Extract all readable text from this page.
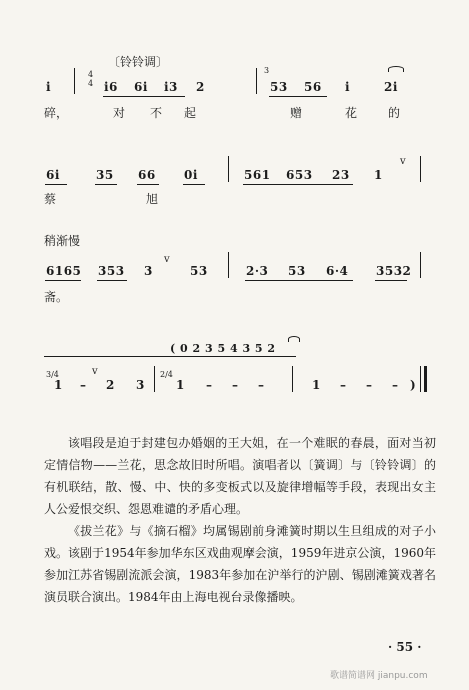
〔铃铃调〕
i
4
4 i6 6i i3 2
3
53 56 i	2i
碎，	对 不 起	赠	花	的
6i	35 66 0i	561 653 23 1
v
蔡	旭
稍渐慢
6165 353 3
v
53	2·3 53 6·4 3532
斋。
( 0 2 3 5 4 3 5 2
3/4
1 –
v
2 3
2/4
1 – – –	1 – – – )

该唱段是迫于封建包办婚姻的王大姐，在一个难眠的春晨，面对当初定情信物——兰花，思念故旧时所唱。演唱者以〔簧调〕与〔铃铃调〕的有机联结，散、慢、中、快的多变板式以及旋律增幅等手段，表现出女主人公爱恨交织、怨恩难谴的矛盾心理。

《拔兰花》与《摘石榴》均属锡剧前身滩簧时期以生旦组成的对子小戏。该剧于1954年参加华东区戏曲观摩会演，1959年进京公演，1960年参加江苏省锡剧流派会演，1983年参加在沪举行的沪剧、锡剧滩簧戏著名演员联合演出。1984年由上海电视台录像播映。

· 55 ·
歌谱简谱网 jianpu.com
